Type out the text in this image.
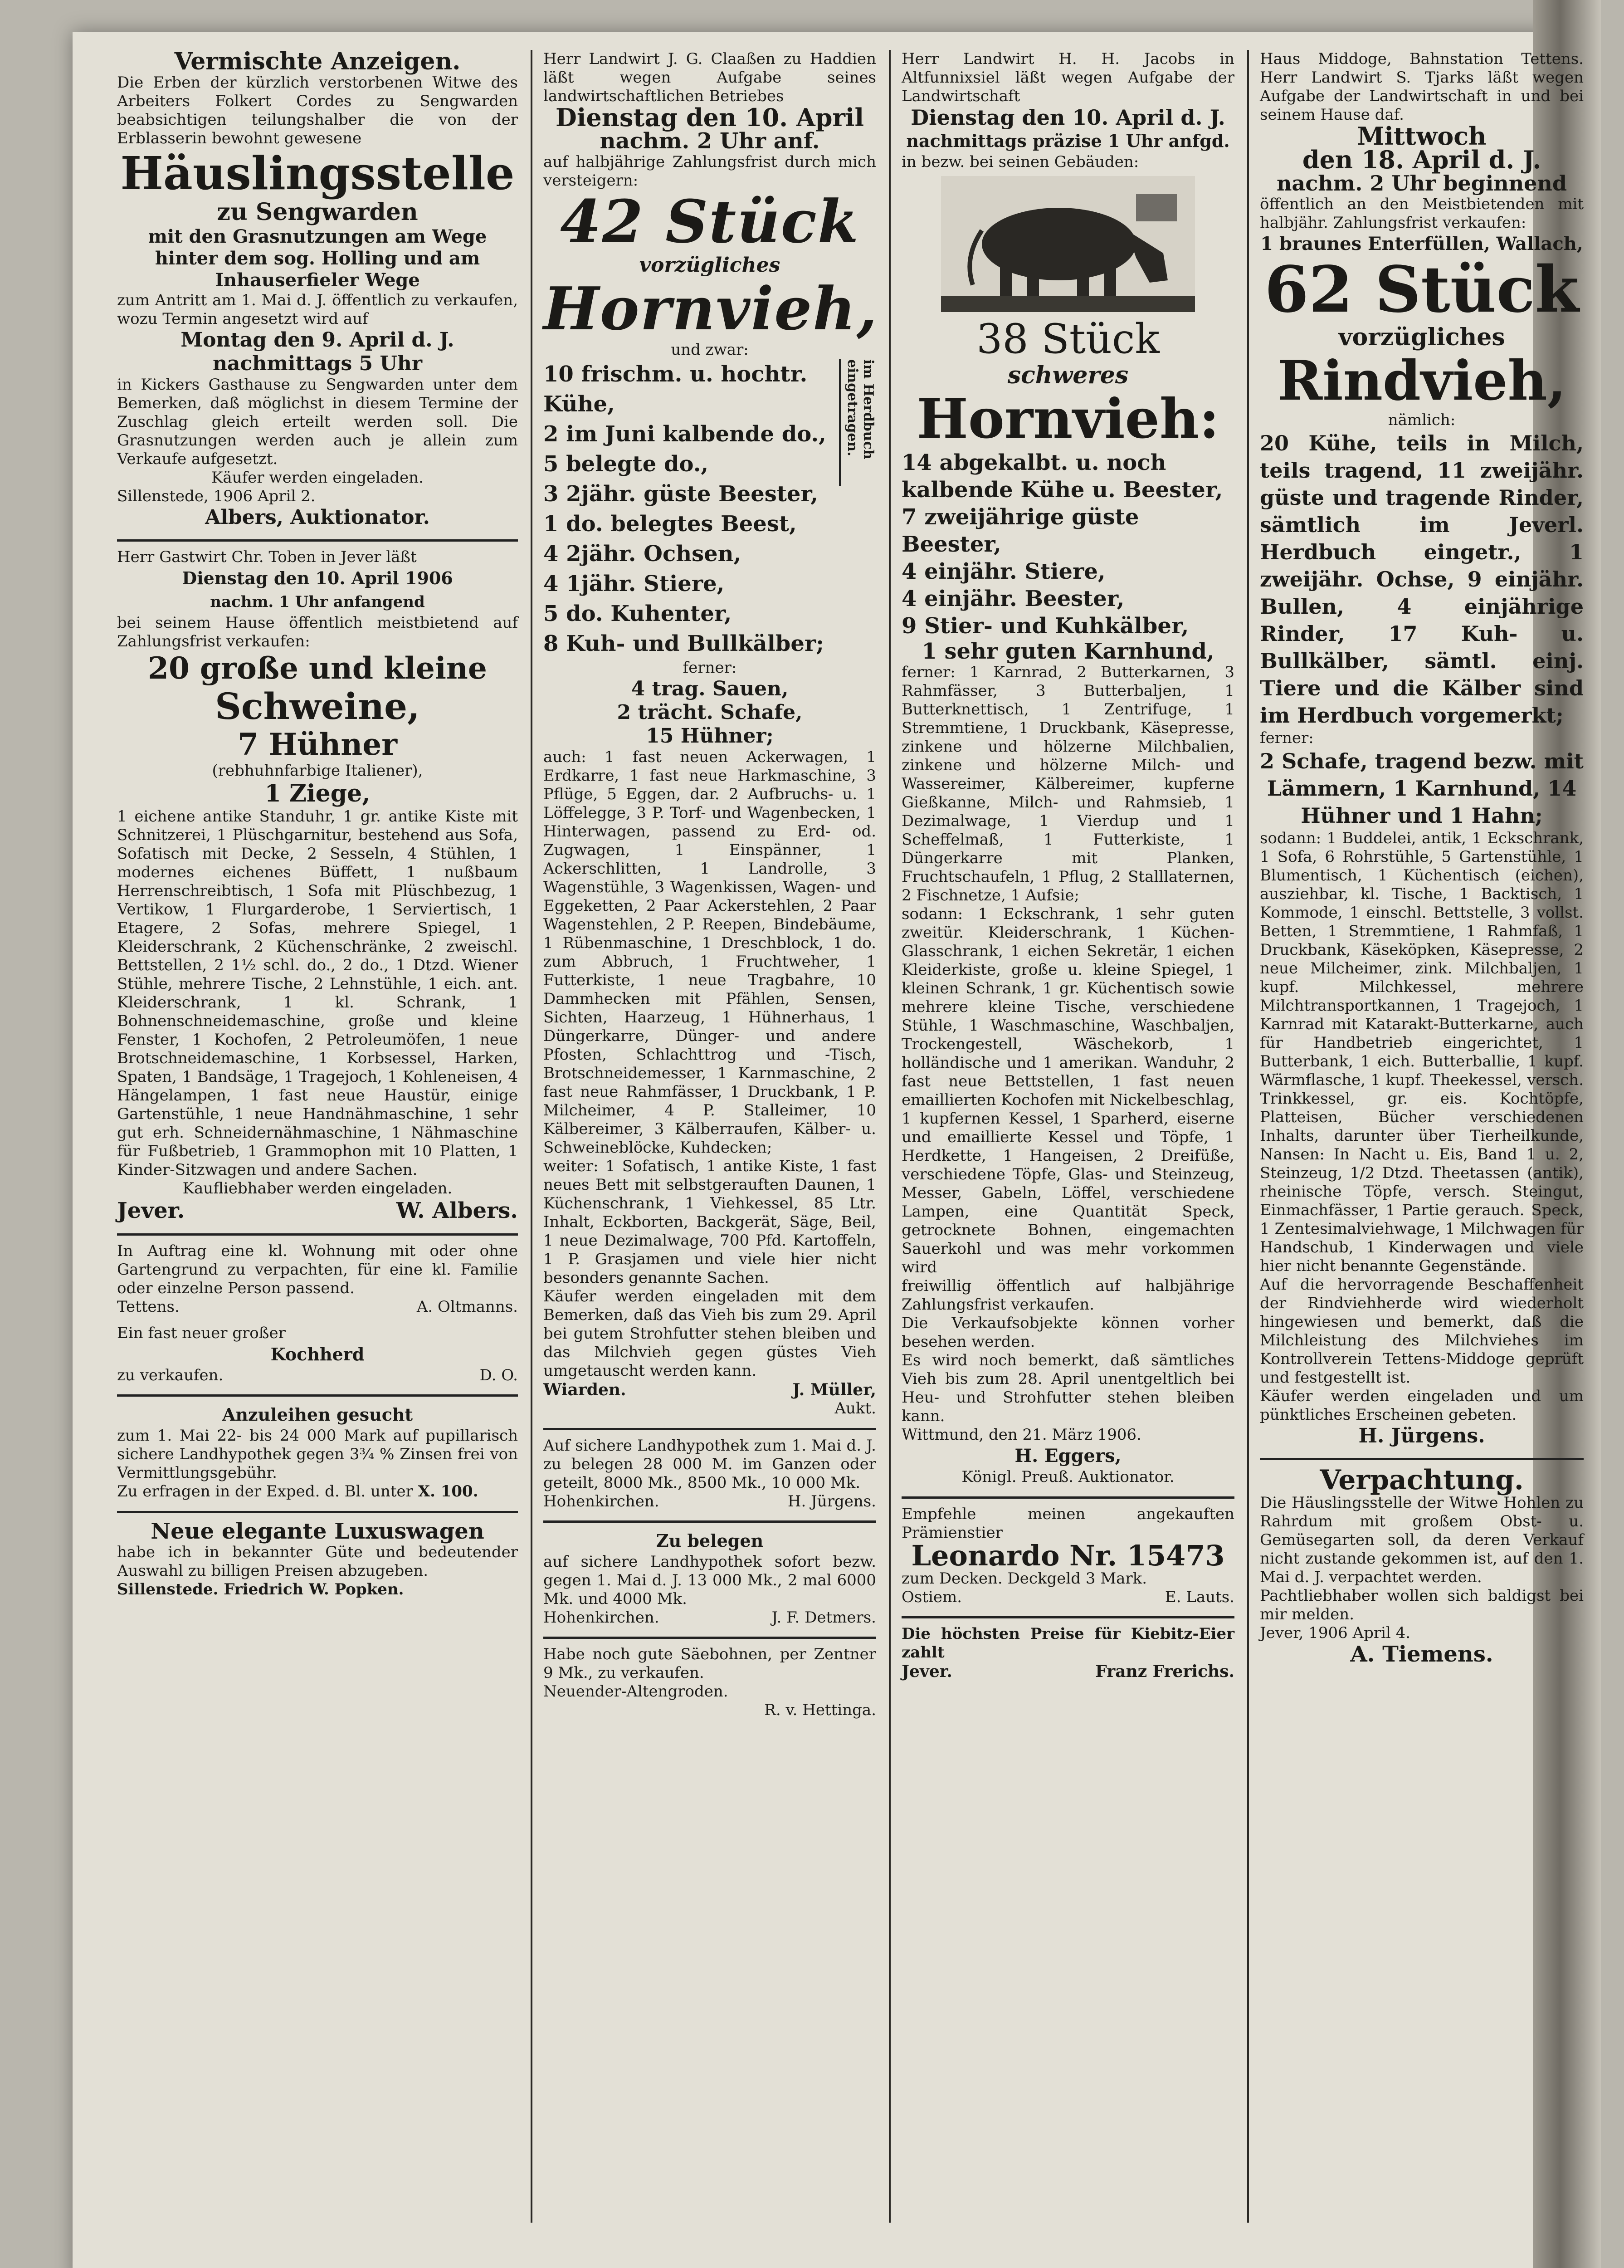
Vermischte Anzeigen.
Die Erben der kürzlich verstorbenen Witwe des Arbeiters Folkert Cordes zu Sengwarden beabsichtigen teilungshalber die von der Erblasserin bewohnt gewesene
Häuslingsstelle
zu Sengwarden
mit den Grasnutzungen am Wege hinter dem sog. Holling und am Inhauserfieler Wege
zum Antritt am 1. Mai d. J. öffentlich zu verkaufen, wozu Termin angesetzt wird auf
Montag den 9. April d. J.
nachmittags 5 Uhr
in Kickers Gasthause zu Sengwarden unter dem Bemerken, daß möglichst in diesem Termine der Zuschlag gleich erteilt werden soll. Die Grasnutzungen werden auch je allein zum Verkaufe aufgesetzt.
Käufer werden eingeladen.
Sillenstede, 1906 April 2.
Albers, Auktionator.
Herr Gastwirt Chr. Toben in Jever läßt
Dienstag den 10. April 1906
nachm. 1 Uhr anfangend
bei seinem Hause öffentlich meistbietend auf Zahlungsfrist verkaufen:
20 große und kleine
Schweine,
7 Hühner
(rebhuhnfarbige Italiener),
1 Ziege,
1 eichene antike Standuhr, 1 gr. antike Kiste mit Schnitzerei, 1 Plüschgarnitur, bestehend aus Sofa, Sofatisch mit Decke, 2 Sesseln, 4 Stühlen, 1 modernes eichenes Büffett, 1 nußbaum Herrenschreibtisch, 1 Sofa mit Plüschbezug, 1 Vertikow, 1 Flurgarderobe, 1 Serviertisch, 1 Etagere, 2 Sofas, mehrere Spiegel, 1 Kleiderschrank, 2 Küchenschränke, 2 zweischl. Bettstellen, 2 1½ schl. do., 2 do., 1 Dtzd. Wiener Stühle, mehrere Tische, 2 Lehnstühle, 1 eich. ant. Kleiderschrank, 1 kl. Schrank, 1 Bohnenschneidemaschine, große und kleine Fenster, 1 Kochofen, 2 Petroleumöfen, 1 neue Brotschneidemaschine, 1 Korbsessel, Harken, Spaten, 1 Bandsäge, 1 Tragejoch, 1 Kohleneisen, 4 Hängelampen, 1 fast neue Haustür, einige Gartenstühle, 1 neue Handnähmaschine, 1 sehr gut erh. Schneidernähmaschine, 1 Nähmaschine für Fußbetrieb, 1 Grammophon mit 10 Platten, 1 Kinder-Sitzwagen und andere Sachen.
Kaufliebhaber werden eingeladen.
Jever.	W. Albers.
In Auftrag eine kl. Wohnung mit oder ohne Gartengrund zu verpachten, für eine kl. Familie oder einzelne Person passend.
Tettens.	A. Oltmanns.
Ein fast neuer großer
Kochherd
zu verkaufen.	D. O.
Anzuleihen gesucht
zum 1. Mai 22- bis 24 000 Mark auf pupillarisch sichere Landhypothek gegen 3¾ % Zinsen frei von Vermittlungsgebühr.
Zu erfragen in der Exped. d. Bl. unter X. 100.
Neue elegante Luxuswagen
habe ich in bekannter Güte und bedeutender Auswahl zu billigen Preisen abzugeben.
Sillenstede. Friedrich W. Popken.
Herr Landwirt J. G. Claaßen zu Haddien läßt wegen Aufgabe seines landwirtschaftlichen Betriebes
Dienstag den 10. April
nachm. 2 Uhr anf.
auf halbjährige Zahlungsfrist durch mich versteigern:
42 Stück
vorzügliches
Hornvieh,
und zwar:
10 frischm. u. hochtr. Kühe,
2 im Juni kalbende do.,
5 belegte do.,
3 2jähr. güste Beester,
1 do. belegtes Beest,
4 2jähr. Ochsen,
4 1jähr. Stiere,
5 do. Kuhenter,
8 Kuh- und Bullkälber;
im Herdbuch eingetragen.
ferner:
4 trag. Sauen,
2 trächt. Schafe,
15 Hühner;
auch: 1 fast neuen Ackerwagen, 1 Erdkarre, 1 fast neue Harkmaschine, 3 Pflüge, 5 Eggen, dar. 2 Aufbruchs- u. 1 Löffelegge, 3 P. Torf- und Wagenbecken, 1 Hinterwagen, passend zu Erd- od. Zugwagen, 1 Einspänner, 1 Ackerschlitten, 1 Landrolle, 3 Wagenstühle, 3 Wagenkissen, Wagen- und Eggeketten, 2 Paar Ackerstehlen, 2 Paar Wagenstehlen, 2 P. Reepen, Bindebäume, 1 Rübenmaschine, 1 Dreschblock, 1 do. zum Abbruch, 1 Fruchtweher, 1 Futterkiste, 1 neue Tragbahre, 10 Dammhecken mit Pfählen, Sensen, Sichten, Haarzeug, 1 Hühnerhaus, 1 Düngerkarre, Dünger- und andere Pfosten, Schlachttrog und -Tisch, Brotschneidemesser, 1 Karnmaschine, 2 fast neue Rahmfässer, 1 Druckbank, 1 P. Milcheimer, 4 P. Stalleimer, 10 Kälbereimer, 3 Kälberraufen, Kälber- u. Schweineblöcke, Kuhdecken;
weiter: 1 Sofatisch, 1 antike Kiste, 1 fast neues Bett mit selbstgerauften Daunen, 1 Küchenschrank, 1 Viehkessel, 85 Ltr. Inhalt, Eckborten, Backgerät, Säge, Beil, 1 neue Dezimalwage, 700 Pfd. Kartoffeln, 1 P. Grasjamen und viele hier nicht besonders genannte Sachen.
Käufer werden eingeladen mit dem Bemerken, daß das Vieh bis zum 29. April bei gutem Strohfutter stehen bleiben und das Milchvieh gegen güstes Vieh umgetauscht werden kann.
Wiarden.	J. Müller,
Aukt.
Auf sichere Landhypothek zum 1. Mai d. J. zu belegen 28 000 M. im Ganzen oder geteilt, 8000 Mk., 8500 Mk., 10 000 Mk.
Hohenkirchen.	H. Jürgens.
Zu belegen
auf sichere Landhypothek sofort bezw. gegen 1. Mai d. J. 13 000 Mk., 2 mal 6000 Mk. und 4000 Mk.
Hohenkirchen.	J. F. Detmers.
Habe noch gute Säebohnen, per Zentner 9 Mk., zu verkaufen.
Neuender-Altengroden.
R. v. Hettinga.
Herr Landwirt H. H. Jacobs in Altfunnixsiel läßt wegen Aufgabe der Landwirtschaft
Dienstag den 10. April d. J.
nachmittags präzise 1 Uhr anfgd.
in bezw. bei seinen Gebäuden:
38 Stück
schweres
Hornvieh:
14 abgekalbt. u. noch kalbende Kühe u. Beester,
7 zweijährige güste Beester,
4 einjähr. Stiere,
4 einjähr. Beester,
9 Stier- und Kuhkälber,
1 sehr guten Karnhund,
ferner: 1 Karnrad, 2 Butterkarnen, 3 Rahmfässer, 3 Butterbaljen, 1 Butterknettisch, 1 Zentrifuge, 1 Stremmtiene, 1 Druckbank, Käsepresse, zinkene und hölzerne Milchbalien, zinkene und hölzerne Milch- und Wassereimer, Kälbereimer, kupferne Gießkanne, Milch- und Rahmsieb, 1 Dezimalwage, 1 Vierdup und 1 Scheffelmaß, 1 Futterkiste, 1 Düngerkarre mit Planken, Fruchtschaufeln, 1 Pflug, 2 Stalllaternen, 2 Fischnetze, 1 Aufsie;
sodann: 1 Eckschrank, 1 sehr guten zweitür. Kleiderschrank, 1 Küchen-Glasschrank, 1 eichen Sekretär, 1 eichen Kleiderkiste, große u. kleine Spiegel, 1 kleinen Schrank, 1 gr. Küchentisch sowie mehrere kleine Tische, verschiedene Stühle, 1 Waschmaschine, Waschbaljen, Trockengestell, Wäschekorb, 1 holländische und 1 amerikan. Wanduhr, 2 fast neue Bettstellen, 1 fast neuen emaillierten Kochofen mit Nickelbeschlag, 1 kupfernen Kessel, 1 Sparherd, eiserne und emaillierte Kessel und Töpfe, 1 Herdkette, 1 Hangeisen, 2 Dreifüße, verschiedene Töpfe, Glas- und Steinzeug, Messer, Gabeln, Löffel, verschiedene Lampen, eine Quantität Speck, getrocknete Bohnen, eingemachten Sauerkohl und was mehr vorkommen wird
freiwillig öffentlich auf halbjährige Zahlungsfrist verkaufen.
Die Verkaufsobjekte können vorher besehen werden.
Es wird noch bemerkt, daß sämtliches Vieh bis zum 28. April unentgeltlich bei Heu- und Strohfutter stehen bleiben kann.
Wittmund, den 21. März 1906.
H. Eggers,
Königl. Preuß. Auktionator.
Empfehle meinen angekauften Prämienstier
Leonardo Nr. 15473
zum Decken. Deckgeld 3 Mark.
Ostiem.	E. Lauts.
Die höchsten Preise für Kiebitz-Eier zahlt
Jever.	Franz Frerichs.
Haus Middoge, Bahnstation Tettens. Herr Landwirt S. Tjarks läßt wegen Aufgabe der Landwirtschaft in und bei seinem Hause daf.
Mittwoch
den 18. April d. J.
nachm. 2 Uhr beginnend
öffentlich an den Meistbietenden mit halbjähr. Zahlungsfrist verkaufen:
1 braunes Enterfüllen, Wallach,
62 Stück
vorzügliches
Rindvieh,
nämlich:
20 Kühe, teils in Milch, teils tragend, 11 zweijähr. güste und tragende Rinder, sämtlich im Jeverl. Herdbuch eingetr., 1 zweijähr. Ochse, 9 einjähr. Bullen, 4 einjährige Rinder, 17 Kuh- u. Bullkälber, sämtl. einj. Tiere und die Kälber sind im Herdbuch vorgemerkt;
ferner:
2 Schafe, tragend bezw. mit Lämmern, 1 Karnhund, 14 Hühner und 1 Hahn;
sodann: 1 Buddelei, antik, 1 Eckschrank, 1 Sofa, 6 Rohrstühle, 5 Gartenstühle, 1 Blumentisch, 1 Küchentisch (eichen), ausziehbar, kl. Tische, 1 Backtisch, 1 Kommode, 1 einschl. Bettstelle, 3 vollst. Betten, 1 Stremmtiene, 1 Rahmfaß, 1 Druckbank, Käseköpken, Käsepresse, 2 neue Milcheimer, zink. Milchbaljen, 1 kupf. Milchkessel, mehrere Milchtransportkannen, 1 Tragejoch, 1 Karnrad mit Katarakt-Butterkarne, auch für Handbetrieb eingerichtet, 1 Butterbank, 1 eich. Butterballie, 1 kupf. Wärmflasche, 1 kupf. Theekessel, versch. Trinkkessel, gr. eis. Kochtöpfe, Platteisen, Bücher verschiedenen Inhalts, darunter über Tierheilkunde, Nansen: In Nacht u. Eis, Band 1 u. 2, Steinzeug, 1/2 Dtzd. Theetassen (antik), rheinische Töpfe, versch. Steingut, Einmachfässer, 1 Partie gerauch. Speck, 1 Zentesimalviehwage, 1 Milchwagen für Handschub, 1 Kinderwagen und viele hier nicht benannte Gegenstände.
Auf die hervorragende Beschaffenheit der Rindviehherde wird wiederholt hingewiesen und bemerkt, daß die Milchleistung des Milchviehes im Kontrollverein Tettens-Middoge geprüft und festgestellt ist.
Käufer werden eingeladen und um pünktliches Erscheinen gebeten.
H. Jürgens.
Verpachtung.
Die Häuslingsstelle der Witwe Hohlen zu Rahrdum mit großem Obst- u. Gemüsegarten soll, da deren Verkauf nicht zustande gekommen ist, auf den 1. Mai d. J. verpachtet werden.
Pachtliebhaber wollen sich baldigst bei mir melden.
Jever, 1906 April 4.
A. Tiemens.
